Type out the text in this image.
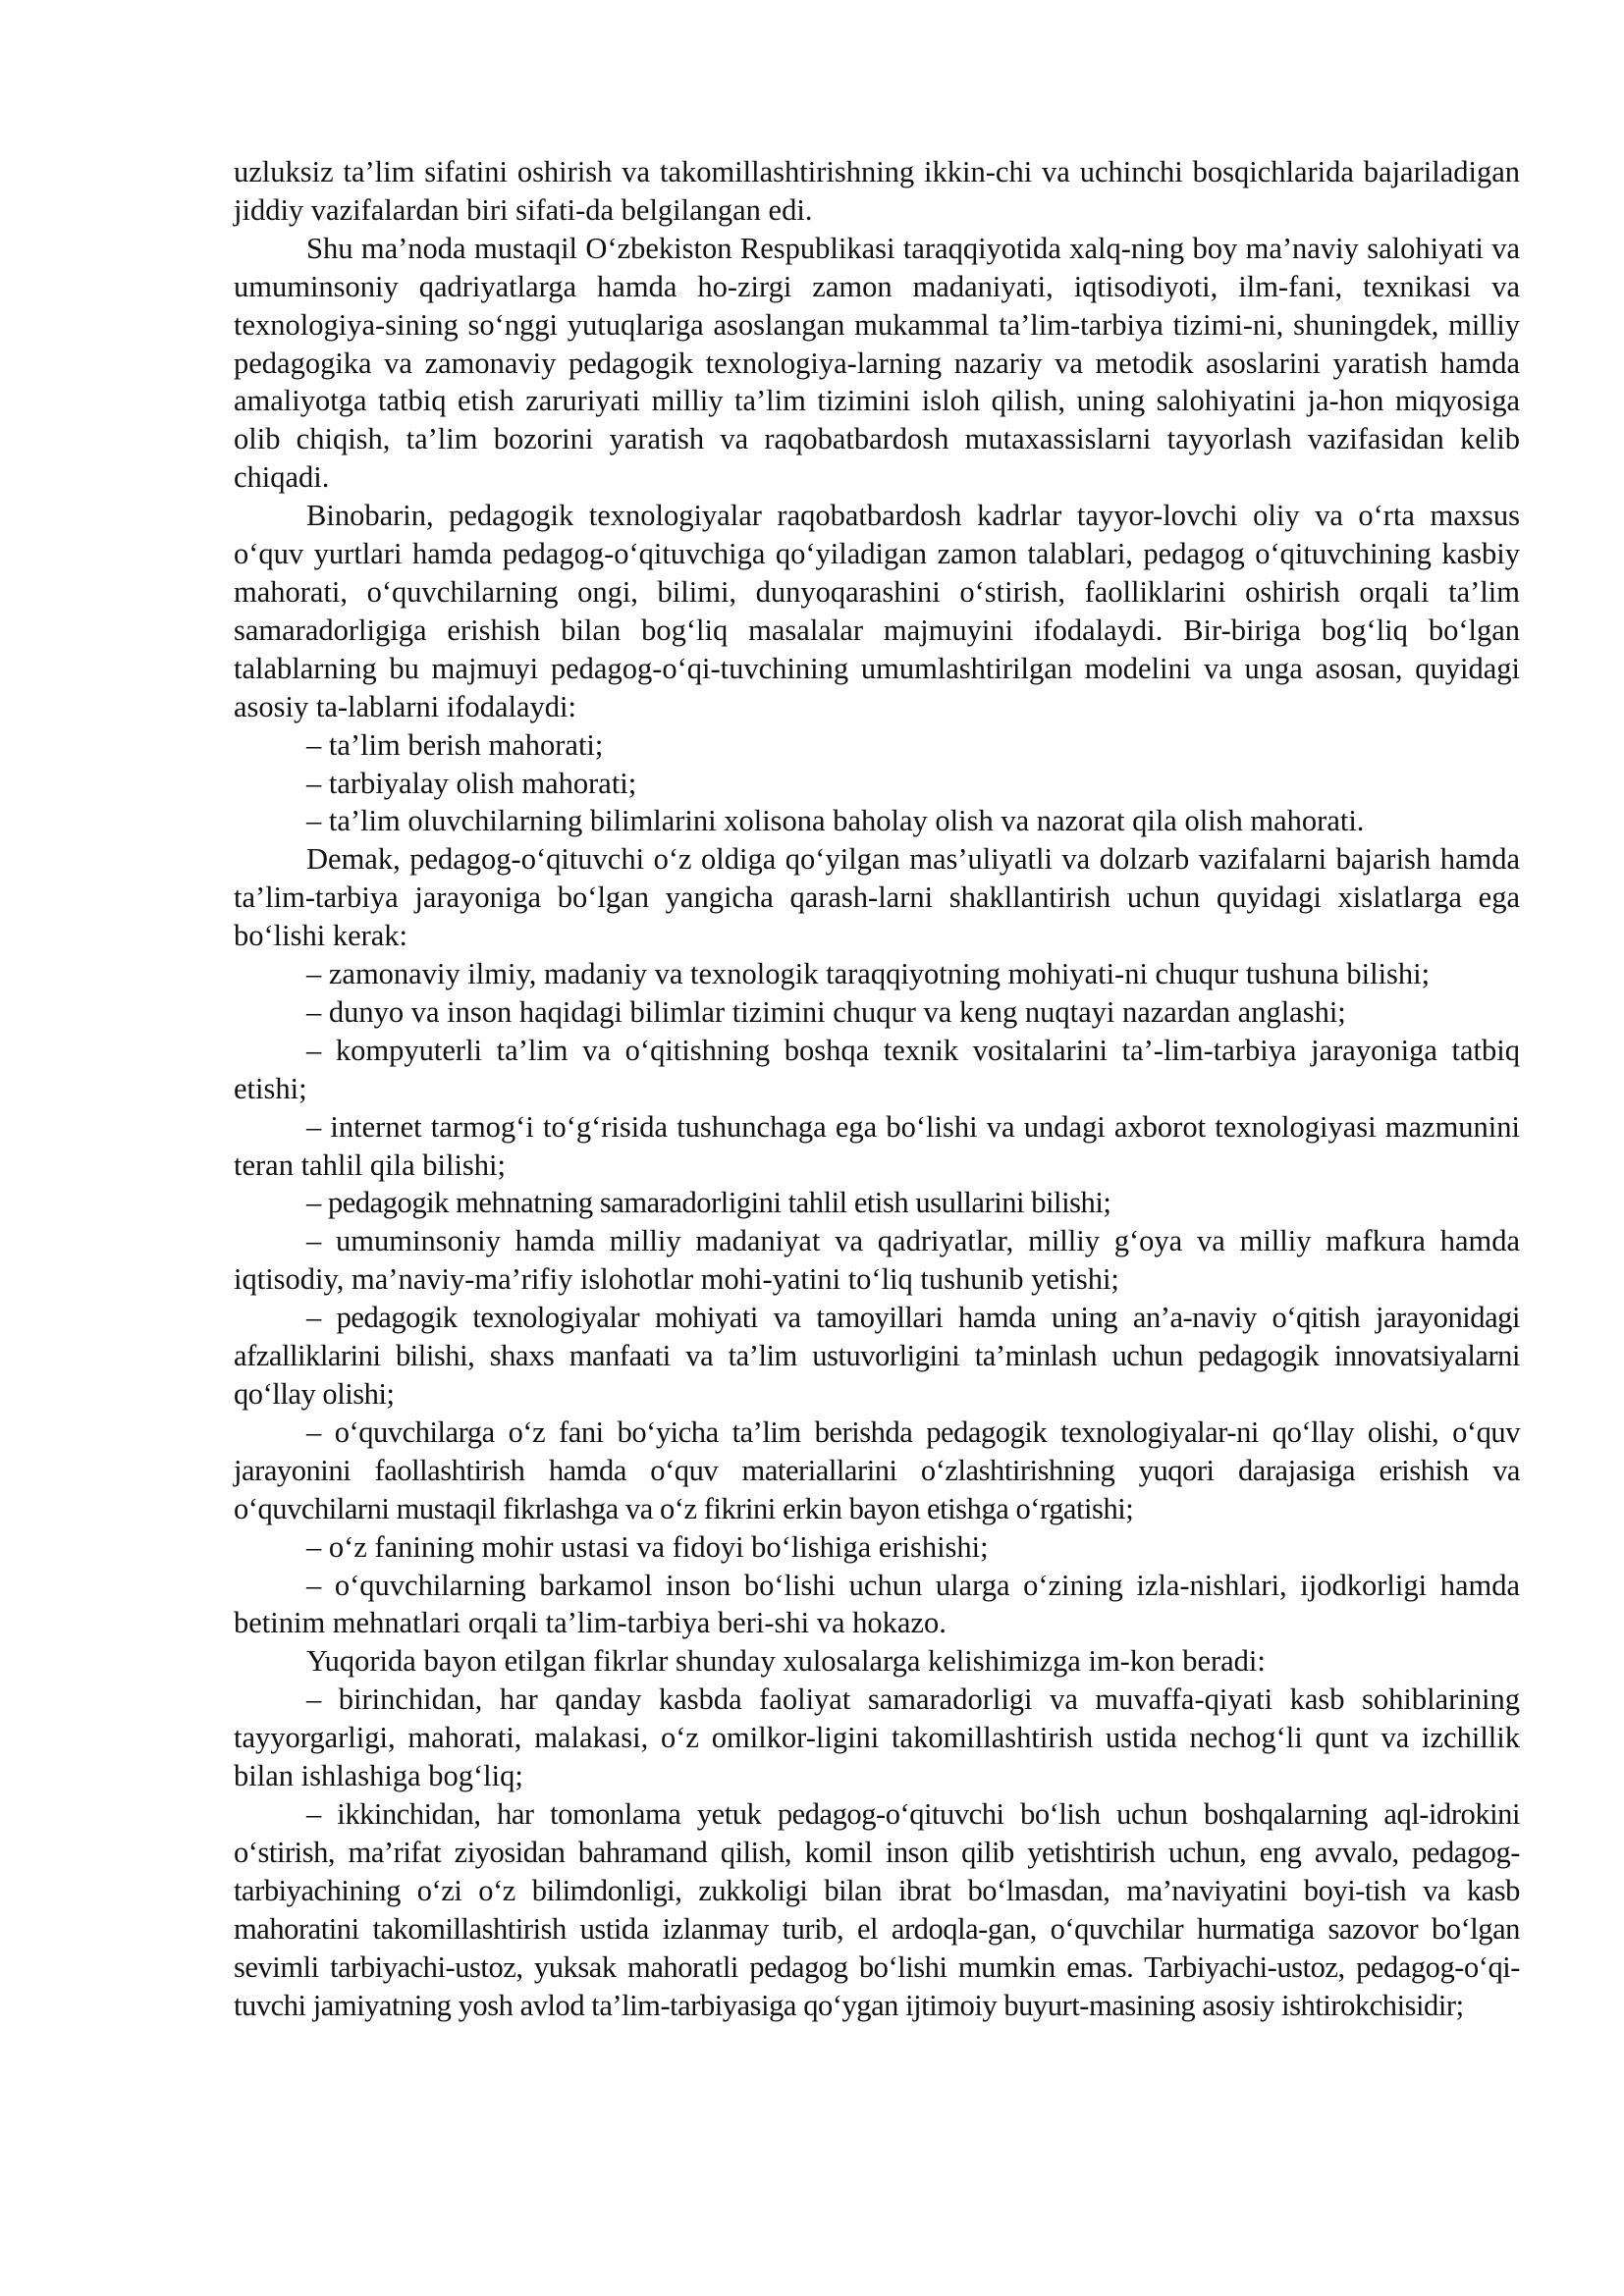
uzluksiz ta’lim sifatini oshirish va takomillashtirishning ikkin-chi va uchinchi bosqichlarida bajariladigan jiddiy vazifalardan biri sifati-da belgilangan edi.

Shu ma’noda mustaqil O‘zbekiston Respublikasi taraqqiyotida xalq-ning boy ma’naviy salohiyati va umuminsoniy qadriyatlarga hamda ho-zirgi zamon madaniyati, iqtisodiyoti, ilm-fani, texnikasi va texnologiya-sining so‘nggi yutuqlariga asoslangan mukammal ta’lim-tarbiya tizimi-ni, shuningdek, milliy pedagogika va zamonaviy pedagogik texnologiya-larning nazariy va metodik asoslarini yaratish hamda amaliyotga tatbiq etish zaruriyati milliy ta’lim tizimini isloh qilish, uning salohiyatini ja-hon miqyosiga olib chiqish, ta’lim bozorini yaratish va raqobatbardosh mutaxassislarni tayyorlash vazifasidan kelib chiqadi.

Binobarin, pedagogik texnologiyalar raqobatbardosh kadrlar tayyor-lovchi oliy va o‘rta maxsus o‘quv yurtlari hamda pedagog-o‘qituvchiga qo‘yiladigan zamon talablari, pedagog o‘qituvchining kasbiy mahorati, o‘quvchilarning ongi, bilimi, dunyoqarashini o‘stirish, faolliklarini oshirish orqali ta’lim samaradorligiga erishish bilan bog‘liq masalalar majmuyini ifodalaydi. Bir-biriga bog‘liq bo‘lgan talablarning bu majmuyi pedagog-o‘qi-tuvchining umumlashtirilgan modelini va unga asosan, quyidagi asosiy ta-lablarni ifodalaydi:

– ta’lim berish mahorati;

– tarbiyalay olish mahorati;

– ta’lim oluvchilarning bilimlarini xolisona baholay olish va nazorat qila olish mahorati.

Demak, pedagog-o‘qituvchi o‘z oldiga qo‘yilgan mas’uliyatli va dolzarb vazifalarni bajarish hamda ta’lim-tarbiya jarayoniga bo‘lgan yangicha qarash-larni shakllantirish uchun quyidagi xislatlarga ega bo‘lishi kerak:

– zamonaviy ilmiy, madaniy va texnologik taraqqiyotning mohiyati-ni chuqur tushuna bilishi;

– dunyo va inson haqidagi bilimlar tizimini chuqur va keng nuqtayi nazardan anglashi;

– kompyuterli ta’lim va o‘qitishning boshqa texnik vositalarini ta’-lim-tarbiya jarayoniga tatbiq etishi;

– internet tarmog‘i to‘g‘risida tushunchaga ega bo‘lishi va undagi axborot texnologiyasi mazmunini teran tahlil qila bilishi;

– pedagogik mehnatning samaradorligini tahlil etish usullarini bilishi;

– umuminsoniy hamda milliy madaniyat va qadriyatlar, milliy g‘oya va milliy mafkura hamda iqtisodiy, ma’naviy-ma’rifiy islohotlar mohi-yatini to‘liq tushunib yetishi;

– pedagogik texnologiyalar mohiyati va tamoyillari hamda uning an’a-naviy o‘qitish jarayonidagi afzalliklarini bilishi, shaxs manfaati va ta’lim ustuvorligini ta’minlash uchun pedagogik innovatsiyalarni qo‘llay olishi;

– o‘quvchilarga o‘z fani bo‘yicha ta’lim berishda pedagogik texnologiyalar-ni qo‘llay olishi, o‘quv jarayonini faollashtirish hamda o‘quv materiallarini o‘zlashtirishning yuqori darajasiga erishish va o‘quvchilarni mustaqil fikrlashga va o‘z fikrini erkin bayon etishga o‘rgatishi;

– o‘z fanining mohir ustasi va fidoyi bo‘lishiga erishishi;

– o‘quvchilarning barkamol inson bo‘lishi uchun ularga o‘zining izla-nishlari, ijodkorligi hamda betinim mehnatlari orqali ta’lim-tarbiya beri-shi va hokazo.

Yuqorida bayon etilgan fikrlar shunday xulosalarga kelishimizga im-kon beradi:

– birinchidan, har qanday kasbda faoliyat samaradorligi va muvaffa-qiyati kasb sohiblarining tayyorgarligi, mahorati, malakasi, o‘z omilkor-ligini takomillashtirish ustida nechog‘li qunt va izchillik bilan ishlashiga bog‘liq;

– ikkinchidan, har tomonlama yetuk pedagog-o‘qituvchi bo‘lish uchun boshqalarning aql-idrokini o‘stirish, ma’rifat ziyosidan bahramand qilish, komil inson qilib yetishtirish uchun, eng avvalo, pedagog-tarbiyachining o‘zi o‘z bilimdonligi, zukkoligi bilan ibrat bo‘lmasdan, ma’naviyatini boyi-tish va kasb mahoratini takomillashtirish ustida izlanmay turib, el ardoqla-gan, o‘quvchilar hurmatiga sazovor bo‘lgan sevimli tarbiyachi-ustoz, yuksak mahoratli pedagog bo‘lishi mumkin emas. Tarbiyachi-ustoz, pedagog-o‘qi-tuvchi jamiyatning yosh avlod ta’lim-tarbiyasiga qo‘ygan ijtimoiy buyurt-masining asosiy ishtirokchisidir;
